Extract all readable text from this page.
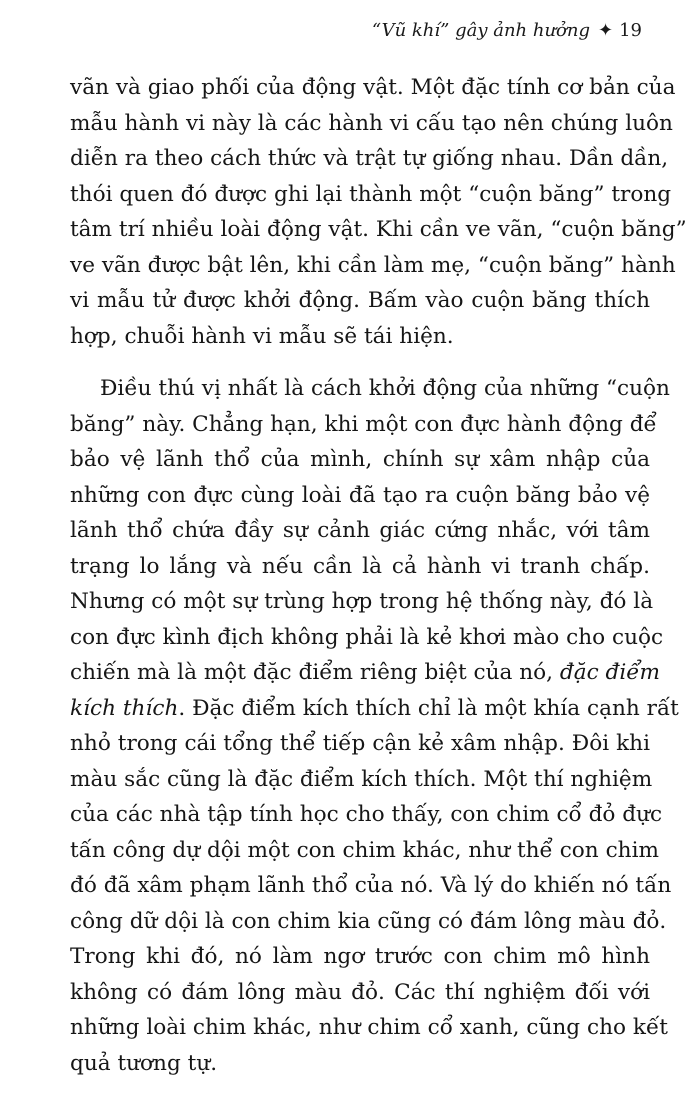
“Vũ khí” gây ảnh hưởng ✦ 19
vãn và giao phối của động vật. Một đặc tính cơ bản của
mẫu hành vi này là các hành vi cấu tạo nên chúng luôn
diễn ra theo cách thức và trật tự giống nhau. Dần dần,
thói quen đó được ghi lại thành một “cuộn băng” trong
tâm trí nhiều loài động vật. Khi cần ve vãn, “cuộn băng”
ve vãn được bật lên, khi cần làm mẹ, “cuộn băng” hành
vi mẫu tử được khởi động. Bấm vào cuộn băng thích
hợp, chuỗi hành vi mẫu sẽ tái hiện.
Điều thú vị nhất là cách khởi động của những “cuộn
băng” này. Chẳng hạn, khi một con đực hành động để
bảo vệ lãnh thổ của mình, chính sự xâm nhập của
những con đực cùng loài đã tạo ra cuộn băng bảo vệ
lãnh thổ chứa đầy sự cảnh giác cứng nhắc, với tâm
trạng lo lắng và nếu cần là cả hành vi tranh chấp.
Nhưng có một sự trùng hợp trong hệ thống này, đó là
con đực kình địch không phải là kẻ khơi mào cho cuộc
chiến mà là một đặc điểm riêng biệt của nó, đặc điểm
kích thích. Đặc điểm kích thích chỉ là một khía cạnh rất
nhỏ trong cái tổng thể tiếp cận kẻ xâm nhập. Đôi khi
màu sắc cũng là đặc điểm kích thích. Một thí nghiệm
của các nhà tập tính học cho thấy, con chim cổ đỏ đực
tấn công dự dội một con chim khác, như thể con chim
đó đã xâm phạm lãnh thổ của nó. Và lý do khiến nó tấn
công dữ dội là con chim kia cũng có đám lông màu đỏ.
Trong khi đó, nó làm ngơ trước con chim mô hình
không có đám lông màu đỏ. Các thí nghiệm đối với
những loài chim khác, như chim cổ xanh, cũng cho kết
quả tương tự.
